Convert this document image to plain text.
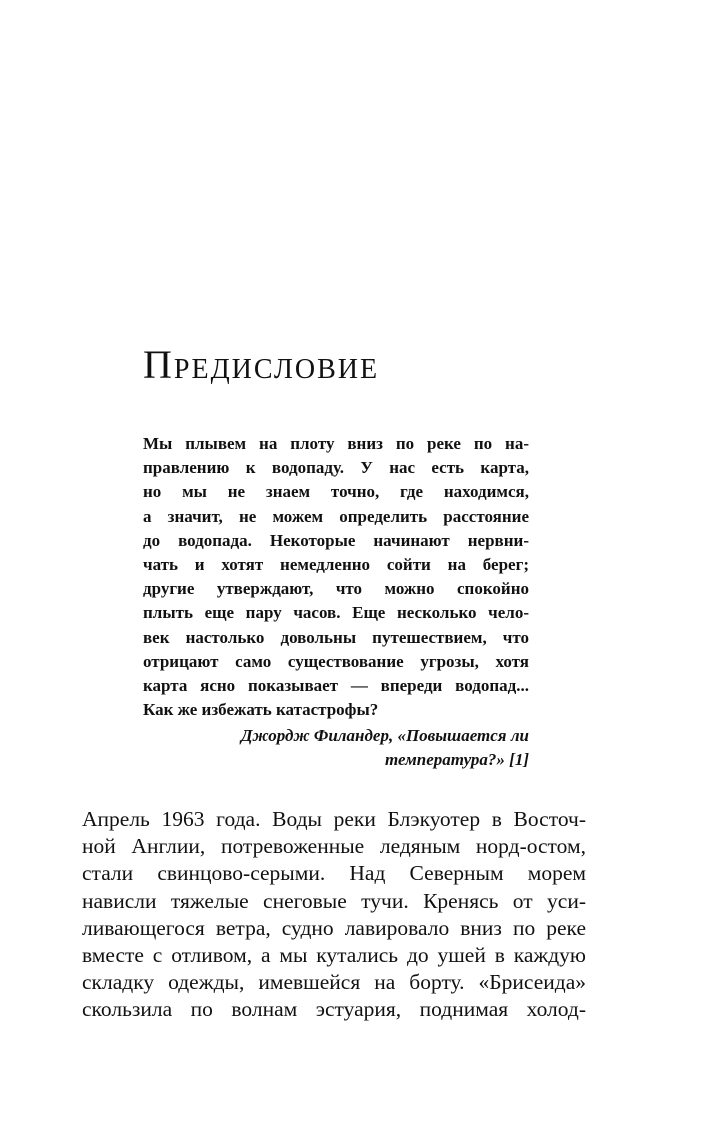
Предисловие
Мы плывем на плоту вниз по реке по на-
правлению к водопаду. У нас есть карта,
но мы не знаем точно, где находимся,
а значит, не можем определить расстояние
до водопада. Некоторые начинают нервни-
чать и хотят немедленно сойти на берег;
другие утверждают, что можно спокойно
плыть еще пару часов. Еще несколько чело-
век настолько довольны путешествием, что
отрицают само существование угрозы, хотя
карта ясно показывает — впереди водопад...
Как же избежать катастрофы?
Джордж Филандер, «Повышается ли
температура?» [1]
Апрель 1963 года. Воды реки Блэкуотер в Восточ-
ной Англии, потревоженные ледяным норд-остом,
стали свинцово-серыми. Над Северным морем
нависли тяжелые снеговые тучи. Кренясь от уси-
ливающегося ветра, судно лавировало вниз по реке
вместе с отливом, а мы кутались до ушей в каждую
складку одежды, имевшейся на борту. «Брисеида»
скользила по волнам эстуария, поднимая холод-
